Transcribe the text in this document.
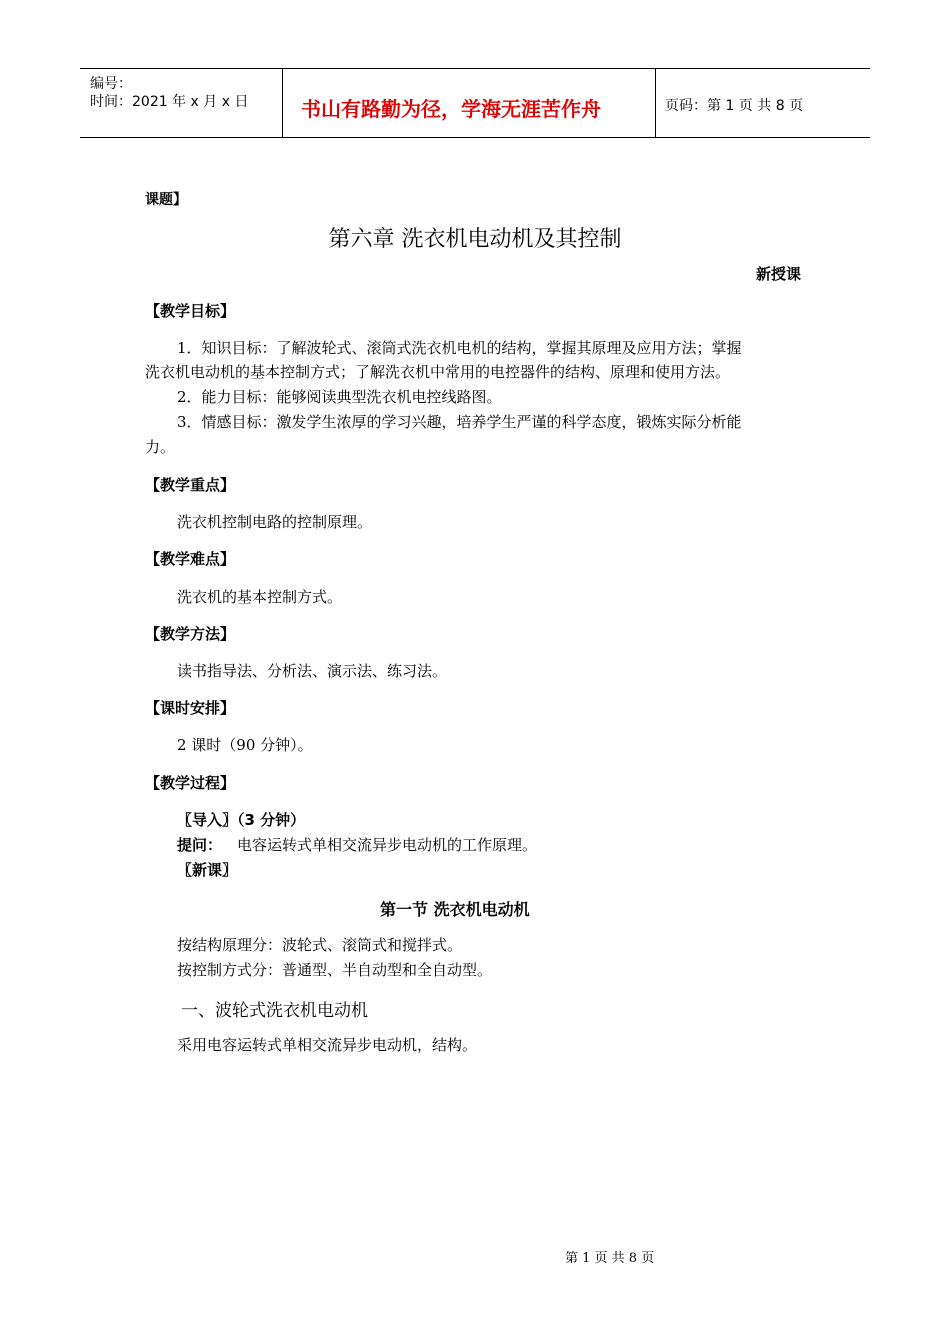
编号：
时间：2021 年 x 月 x 日	书山有路勤为径，学海无涯苦作舟	页码：第 1 页 共 8 页
课题】
第六章 洗衣机电动机及其控制
新授课
【教学目标】
1．知识目标：了解波轮式、滚筒式洗衣机电机的结构，掌握其原理及应用方法；掌握
洗衣机电动机的基本控制方式；了解洗衣机中常用的电控器件的结构、原理和使用方法。
2．能力目标：能够阅读典型洗衣机电控线路图。
3．情感目标：激发学生浓厚的学习兴趣，培养学生严谨的科学态度，锻炼实际分析能
力。
【教学重点】
洗衣机控制电路的控制原理。
【教学难点】
洗衣机的基本控制方式。
【教学方法】
读书指导法、分析法、演示法、练习法。
【课时安排】
2 课时（90 分钟）。
【教学过程】
〖导入〗（3 分钟）
提问： 电容运转式单相交流异步电动机的工作原理。
〖新课〗
第一节 洗衣机电动机
按结构原理分：波轮式、滚筒式和搅拌式。
按控制方式分：普通型、半自动型和全自动型。
一、波轮式洗衣机电动机
采用电容运转式单相交流异步电动机，结构。
第 1 页 共 8 页
